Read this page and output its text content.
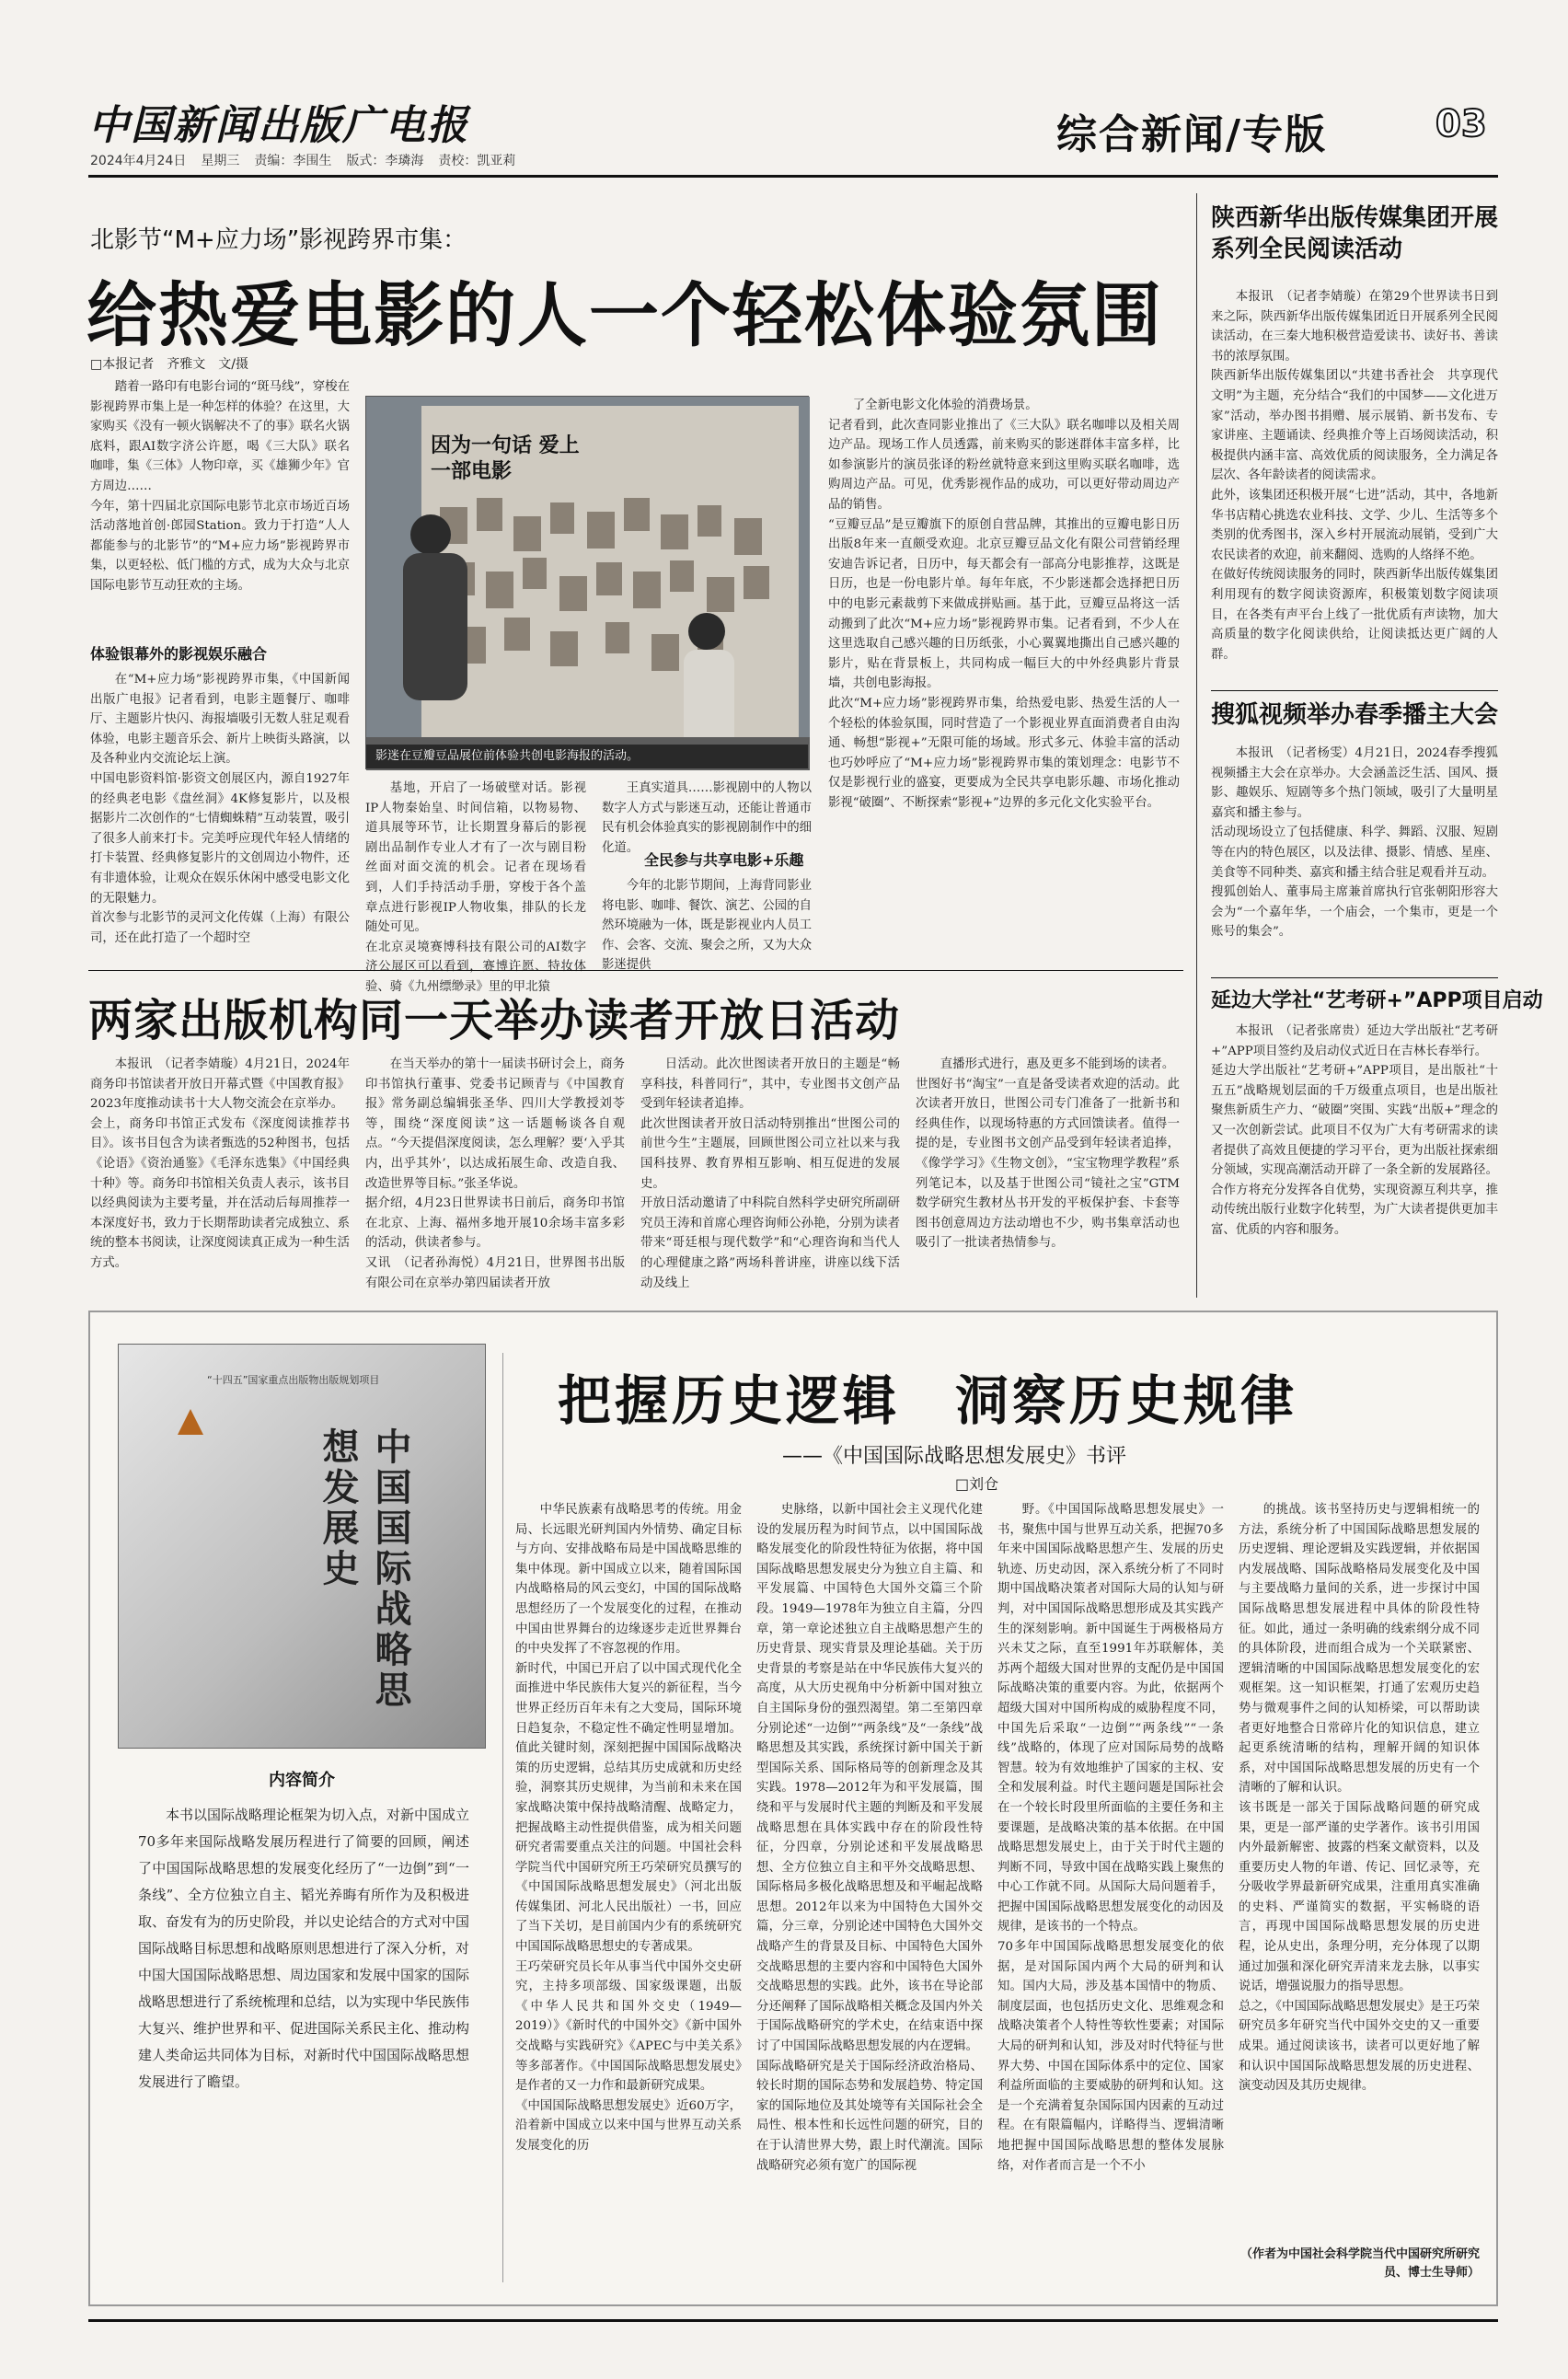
中国新闻出版广电报
2024年4月24日 星期三 责编：李围生 版式：李璘海 责校：凯亚莉
综合新闻/专版	03
北影节“M+应力场”影视跨界市集：
给热爱电影的人一个轻松体验氛围
□本报记者　齐雅文　文/摄
踏着一路印有电影台词的“斑马线”，穿梭在影视跨界市集上是一种怎样的体验？在这里，大家购买《没有一顿火锅解决不了的事》联名火锅底料，跟AI数字济公许愿，喝《三大队》联名咖啡，集《三体》人物印章，买《雄狮少年》官方周边……
今年，第十四届北京国际电影节北京市场近百场活动落地首创·郎园Station。致力于打造“人人都能参与的北影节”的“M+应力场”影视跨界市集，以更轻松、低门槛的方式，成为大众与北京国际电影节互动狂欢的主场。
体验银幕外的影视娱乐融合
在“M+应力场”影视跨界市集，《中国新闻出版广电报》记者看到，电影主题餐厅、咖啡厅、主题影片快闪、海报墙吸引无数人驻足观看体验，电影主题音乐会、新片上映街头路演，以及各种业内交流论坛上演。
中国电影资料馆·影资文创展区内，源自1927年的经典老电影《盘丝洞》4K修复影片，以及根据影片二次创作的“七情蜘蛛精”互动装置，吸引了很多人前来打卡。完美呼应现代年轻人情绪的打卡装置、经典修复影片的文创周边小物件，还有非遗体验，让观众在娱乐休闲中感受电影文化的无限魅力。
首次参与北影节的灵河文化传媒（上海）有限公司，还在此打造了一个超时空
因为一句话 爱上一部电影
影迷在豆瓣豆品展位前体验共创电影海报的活动。
基地，开启了一场破壁对话。影视IP人物秦始皇、时间信箱，以物易物、道具展等环节，让长期置身幕后的影视剧出品制作专业人才有了一次与剧目粉丝面对面交流的机会。记者在现场看到，人们手持活动手册，穿梭于各个盖章点进行影视IP人物收集，排队的长龙随处可见。
在北京灵境赛博科技有限公司的AI数字济公展区可以看到，赛博许愿、特妆体验、骑《九州缥缈录》里的甲北猿
王真实道具……影视剧中的人物以数字人方式与影迷互动，还能让普通市民有机会体验真实的影视剧制作中的细化道。
全民参与共享电影+乐趣
今年的北影节期间，上海背同影业将电影、咖啡、餐饮、演艺、公园的自然环境融为一体，既是影视业内人员工作、会客、交流、聚会之所，又为大众影迷提供
了全新电影文化体验的消费场景。
记者看到，此次查同影业推出了《三大队》联名咖啡以及相关周边产品。现场工作人员透露，前来购买的影迷群体丰富多样，比如参演影片的演员张译的粉丝就特意来到这里购买联名咖啡，选购周边产品。可见，优秀影视作品的成功，可以更好带动周边产品的销售。
“豆瓣豆品”是豆瓣旗下的原创自营品牌，其推出的豆瓣电影日历出版8年来一直颇受欢迎。北京豆瓣豆品文化有限公司营销经理安迪告诉记者，日历中，每天都会有一部高分电影推荐，这既是日历，也是一份电影片单。每年年底，不少影迷都会选择把日历中的电影元素裁剪下来做成拼贴画。基于此，豆瓣豆品将这一活动搬到了此次“M+应力场”影视跨界市集。记者看到，不少人在这里选取自己感兴趣的日历纸张，小心翼翼地撕出自己感兴趣的影片，贴在背景板上，共同构成一幅巨大的中外经典影片背景墙，共创电影海报。
此次“M+应力场”影视跨界市集，给热爱电影、热爱生活的人一个轻松的体验氛围，同时营造了一个影视业界直面消费者自由沟通、畅想“影视+”无限可能的场域。形式多元、体验丰富的活动也巧妙呼应了“M+应力场”影视跨界市集的策划理念：电影节不仅是影视行业的盛宴，更要成为全民共享电影乐趣、市场化推动影视“破圈”、不断探索“影视+”边界的多元化文化实验平台。
陕西新华出版传媒集团开展系列全民阅读活动
本报讯　（记者李婧璇）在第29个世界读书日到来之际，陕西新华出版传媒集团近日开展系列全民阅读活动，在三秦大地积极营造爱读书、读好书、善读书的浓厚氛围。
陕西新华出版传媒集团以“共建书香社会　共享现代文明”为主题，充分结合“我们的中国梦——文化进万家”活动，举办图书捐赠、展示展销、新书发布、专家讲座、主题诵读、经典推介等上百场阅读活动，积极提供内涵丰富、高效优质的阅读服务，全力满足各层次、各年龄读者的阅读需求。
此外，该集团还积极开展“七进”活动，其中，各地新华书店精心挑选农业科技、文学、少儿、生活等多个类别的优秀图书，深入乡村开展流动展销，受到广大农民读者的欢迎，前来翻阅、选购的人络绎不绝。
在做好传统阅读服务的同时，陕西新华出版传媒集团利用现有的数字阅读资源库，积极策划数字阅读项目，在各类有声平台上线了一批优质有声读物，加大高质量的数字化阅读供给，让阅读抵达更广阔的人群。
搜狐视频举办春季播主大会
本报讯　（记者杨雯）4月21日，2024春季搜狐视频播主大会在京举办。大会涵盖泛生活、国风、摄影、趣娱乐、短剧等多个热门领域，吸引了大量明星嘉宾和播主参与。
活动现场设立了包括健康、科学、舞蹈、汉服、短剧等在内的特色展区，以及法律、摄影、情感、星座、美食等不同种类、嘉宾和播主结合驻足观看并互动。
搜狐创始人、董事局主席兼首席执行官张朝阳形容大会为“一个嘉年华，一个庙会，一个集市，更是一个账号的集会”。
延边大学社“艺考研+”APP项目启动
本报讯　（记者张席贵）延边大学出版社“艺考研+”APP项目签约及启动仪式近日在吉林长春举行。
延边大学出版社“艺考研+”APP项目，是出版社“十五五”战略规划层面的千万级重点项目，也是出版社聚焦新质生产力、“破圈”突围、实践“出版+”理念的又一次创新尝试。此项目不仅为广大有考研需求的读者提供了高效且便捷的学习平台，更为出版社探索细分领域，实现高潮活动开辟了一条全新的发展路径。合作方将充分发挥各自优势，实现资源互利共享，推动传统出版行业数字化转型，为广大读者提供更加丰富、优质的内容和服务。
两家出版机构同一天举办读者开放日活动
本报讯　（记者李婧璇）4月21日，2024年商务印书馆读者开放日开幕式暨《中国教育报》2023年度推动读书十大人物交流会在京举办。
会上，商务印书馆正式发布《深度阅读推荐书目》。该书目包含为读者甄选的52种图书，包括《论语》《资治通鉴》《毛泽东选集》《中国经典十种》等。商务印书馆相关负责人表示，该书目以经典阅读为主要考量，并在活动后每周推荐一本深度好书，致力于长期帮助读者完成独立、系统的整本书阅读，让深度阅读真正成为一种生活方式。
在当天举办的第十一届读书研讨会上，商务印书馆执行董事、党委书记顾青与《中国教育报》常务副总编辑张圣华、四川大学教授刘苓等，围绕“深度阅读”这一话题畅谈各自观点。“今天提倡深度阅读，怎么理解？要‘入乎其内，出乎其外’，以达成拓展生命、改造自我、改造世界等目标。”张圣华说。
据介绍，4月23日世界读书日前后，商务印书馆在北京、上海、福州多地开展10余场丰富多彩的活动，供读者参与。
又讯　（记者孙海悦）4月21日，世界图书出版有限公司在京举办第四届读者开放
日活动。此次世图读者开放日的主题是“畅享科技，科普同行”，其中，专业图书文创产品受到年轻读者追捧。
此次世图读者开放日活动特别推出“世图公司的前世今生”主题展，回顾世图公司立社以来与我国科技界、教育界相互影响、相互促进的发展史。
开放日活动邀请了中科院自然科学史研究所副研究员王涛和首席心理咨询师公孙艳，分别为读者带来“哥廷根与现代数学”和“心理咨询和当代人的心理健康之路”两场科普讲座，讲座以线下活动及线上
直播形式进行，惠及更多不能到场的读者。
世图好书“淘宝”一直是备受读者欢迎的活动。此次读者开放日，世图公司专门准备了一批新书和经典佳作，以现场特惠的方式回馈读者。值得一提的是，专业图书文创产品受到年轻读者追捧，《像学学习》《生物文创》，“宝宝物理学教程”系列笔记本，以及基于世图公司“镜社之宝”GTM数学研究生教材丛书开发的平板保护套、卡套等图书创意周边方法动增也不少，购书集章活动也吸引了一批读者热情参与。
“十四五”国家重点出版物出版规划项目
中国国际战略思想发展史
内容简介
本书以国际战略理论框架为切入点，对新中国成立70多年来国际战略发展历程进行了简要的回顾，阐述了中国国际战略思想的发展变化经历了“一边倒”到“一条线”、全方位独立自主、韬光养晦有所作为及积极进取、奋发有为的历史阶段，并以史论结合的方式对中国国际战略目标思想和战略原则思想进行了深入分析，对中国大国国际战略思想、周边国家和发展中国家的国际战略思想进行了系统梳理和总结，以为实现中华民族伟大复兴、维护世界和平、促进国际关系民主化、推动构建人类命运共同体为目标，对新时代中国国际战略思想发展进行了瞻望。
把握历史逻辑 洞察历史规律
——《中国国际战略思想发展史》书评
□刘仓
中华民族素有战略思考的传统。用金局、长远眼光研判国内外情势、确定目标与方向、安排战略布局是中国战略思维的集中体现。新中国成立以来，随着国际国内战略格局的风云变幻，中国的国际战略思想经历了一个发展变化的过程，在推动中国由世界舞台的边缘逐步走近世界舞台的中央发挥了不容忽视的作用。
新时代，中国已开启了以中国式现代化全面推进中华民族伟大复兴的新征程，当今世界正经历百年未有之大变局，国际环境日趋复杂，不稳定性不确定性明显增加。值此关键时刻，深刻把握中国国际战略决策的历史逻辑，总结其历史成就和历史经验，洞察其历史规律，为当前和未来在国家战略决策中保持战略清醒、战略定力，把握战略主动性提供借鉴，成为相关问题研究者需要重点关注的问题。中国社会科学院当代中国研究所王巧荣研究员撰写的《中国国际战略思想发展史》（河北出版传媒集团、河北人民出版社）一书，回应了当下关切，是目前国内少有的系统研究中国国际战略思想史的专著成果。
王巧荣研究员长年从事当代中国外交史研究，主持多项部级、国家级课题，出版《中华人民共和国外交史（1949—2019）》《新时代的中国外交》《新中国外交战略与实践研究》《APEC与中美关系》等多部著作。《中国国际战略思想发展史》是作者的又一力作和最新研究成果。
《中国国际战略思想发展史》近60万字，沿着新中国成立以来中国与世界互动关系发展变化的历
史脉络，以新中国社会主义现代化建设的发展历程为时间节点，以中国国际战略发展变化的阶段性特征为依据，将中国国际战略思想发展史分为独立自主篇、和平发展篇、中国特色大国外交篇三个阶段。1949—1978年为独立自主篇，分四章，第一章论述独立自主战略思想产生的历史背景、现实背景及理论基础。关于历史背景的考察是站在中华民族伟大复兴的高度，从大历史视角中分析新中国对独立自主国际身份的强烈渴望。第二至第四章分别论述“一边倒”“两条线”及“一条线”战略思想及其实践，系统探讨新中国关于新型国际关系、国际格局等的创新理念及其实践。1978—2012年为和平发展篇，围绕和平与发展时代主题的判断及和平发展战略思想在具体实践中存在的阶段性特征，分四章，分别论述和平发展战略思想、全方位独立自主和平外交战略思想、国际格局多极化战略思想及和平崛起战略思想。2012年以来为中国特色大国外交篇，分三章，分别论述中国特色大国外交战略产生的背景及目标、中国特色大国外交战略思想的主要内容和中国特色大国外交战略思想的实践。此外，该书在导论部分还阐释了国际战略相关概念及国内外关于国际战略研究的学术史，在结束语中探讨了中国国际战略思想发展的内在逻辑。
国际战略研究是关于国际经济政治格局、较长时期的国际态势和发展趋势、特定国家的国际地位及其处境等有关国际社会全局性、根本性和长远性问题的研究，目的在于认清世界大势，跟上时代潮流。国际战略研究必须有宽广的国际视
野。《中国国际战略思想发展史》一书，聚焦中国与世界互动关系，把握70多年来中国国际战略思想产生、发展的历史轨迹、历史动因，深入系统分析了不同时期中国战略决策者对国际大局的认知与研判，对中国国际战略思想形成及其实践产生的深刻影响。新中国诞生于两极格局方兴未艾之际，直至1991年苏联解体，美苏两个超级大国对世界的支配仍是中国国际战略决策的重要内容。为此，依据两个超级大国对中国所构成的威胁程度不同，中国先后采取“一边倒”“两条线”“一条线”战略的，体现了应对国际局势的战略智慧。较为有效地维护了国家的主权、安全和发展利益。时代主题问题是国际社会在一个较长时段里所面临的主要任务和主要课题，是战略决策的基本依据。在中国战略思想发展史上，由于关于时代主题的判断不同，导致中国在战略实践上聚焦的中心工作就不同。从国际大局问题着手，把握中国国际战略思想发展变化的动因及规律，是该书的一个特点。
70多年中国国际战略思想发展变化的依据，是对国际国内两个大局的研判和认知。国内大局，涉及基本国情中的物质、制度层面，也包括历史文化、思维观念和战略决策者个人特性等软性要素；对国际大局的研判和认知，涉及对时代特征与世界大势、中国在国际体系中的定位、国家利益所面临的主要威胁的研判和认知。这是一个充满着复杂国际国内因素的互动过程。在有限篇幅内，详略得当、逻辑清晰地把握中国国际战略思想的整体发展脉络，对作者而言是一个不小
的挑战。该书坚持历史与逻辑相统一的方法，系统分析了中国国际战略思想发展的历史逻辑、理论逻辑及实践逻辑，并依据国内发展战略、国际战略格局发展变化及中国与主要战略力量间的关系，进一步探讨中国国际战略思想发展进程中具体的阶段性特征。如此，通过一条明确的线索纲分成不同的具体阶段，进而组合成为一个关联紧密、逻辑清晰的中国国际战略思想发展变化的宏观框架。这一知识框架，打通了宏观历史趋势与微观事件之间的认知桥梁，可以帮助读者更好地整合日常碎片化的知识信息，建立起更系统清晰的结构，理解开阔的知识体系，对中国国际战略思想发展的历史有一个清晰的了解和认识。
该书既是一部关于国际战略问题的研究成果，更是一部严谨的史学著作。该书引用国内外最新解密、披露的档案文献资料，以及重要历史人物的年谱、传记、回忆录等，充分吸收学界最新研究成果，注重用真实准确的史料、严谨简实的数据，平实畅晓的语言，再现中国国际战略思想发展的历史进程，论从史出，条理分明，充分体现了以期通过加强和深化研究弄清来龙去脉，以事实说话，增强说服力的指导思想。
总之，《中国国际战略思想发展史》是王巧荣研究员多年研究当代中国外交史的又一重要成果。通过阅读该书，读者可以更好地了解和认识中国国际战略思想发展的历史进程、演变动因及其历史规律。
（作者为中国社会科学院当代中国研究所研究员、博士生导师）
